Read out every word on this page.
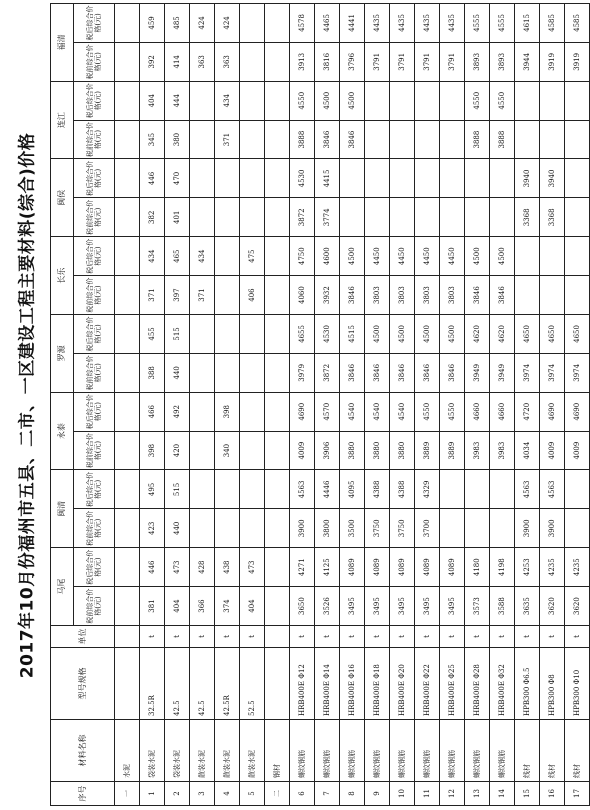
2017年10月份福州市五县、二市、一区建设工程主要材料(综合)价格
序号	材料名称	型号规格	单位	马尾		闽清		永泰		罗源		长乐		闽侯		连江		福清	
				税前综合价格(元)	税后综合价格(元)	税前综合价格(元)	税后综合价格(元)	税前综合价格(元)	税后综合价格(元)	税前综合价格(元)	税后综合价格(元)	税前综合价格(元)	税后综合价格(元)	税前综合价格(元)	税后综合价格(元)	税前综合价格(元)	税后综合价格(元)	税前综合价格(元)	税后综合价格(元)
一	水泥																		
1	袋装水泥	32.5R	t	381	446	423	495	398	466	388	455	371	434	382	446	345	404	392	459
2	袋装水泥	42.5	t	404	473	440	515	420	492	440	515	397	465	401	470	380	444	414	485
3	散装水泥	42.5	t	366	428							371	434					363	424
4	散装水泥	42.5R	t	374	438			340	398							371	434	363	424
5	散装水泥	52.5	t	404	473							406	475						
二	钢材																		
6	螺纹钢筋	HRB400E Φ12	t	3650	4271	3900	4563	4009	4690	3979	4655	4060	4750	3872	4530	3888	4550	3913	4578
7	螺纹钢筋	HRB400E Φ14	t	3526	4125	3800	4446	3906	4570	3872	4530	3932	4600	3774	4415	3846	4500	3816	4465
8	螺纹钢筋	HRB400E Φ16	t	3495	4089	3500	4095	3880	4540	3846	4515	3846	4500			3846	4500	3796	4441
9	螺纹钢筋	HRB400E Φ18	t	3495	4089	3750	4388	3880	4540	3846	4500	3803	4450					3791	4435
10	螺纹钢筋	HRB400E Φ20	t	3495	4089	3750	4388	3880	4540	3846	4500	3803	4450					3791	4435
11	螺纹钢筋	HRB400E Φ22	t	3495	4089	3700	4329	3889	4550	3846	4500	3803	4450					3791	4435
12	螺纹钢筋	HRB400E Φ25	t	3495	4089			3889	4550	3846	4500	3803	4450					3791	4435
13	螺纹钢筋	HRB400E Φ28	t	3573	4180			3983	4660	3949	4620	3846	4500			3888	4550	3893	4555
14	螺纹钢筋	HRB400E Φ32	t	3588	4198			3983	4660	3949	4620	3846	4500			3888	4550	3893	4555
15	线材	HPB300 Φ6.5	t	3635	4253	3900	4563	4034	4720	3974	4650			3368	3940			3944	4615
16	线材	HPB300 Φ8	t	3620	4235	3900	4563	4009	4690	3974	4650			3368	3940			3919	4585
17	线材	HPB300 Φ10	t	3620	4235			4009	4690	3974	4650							3919	4585
